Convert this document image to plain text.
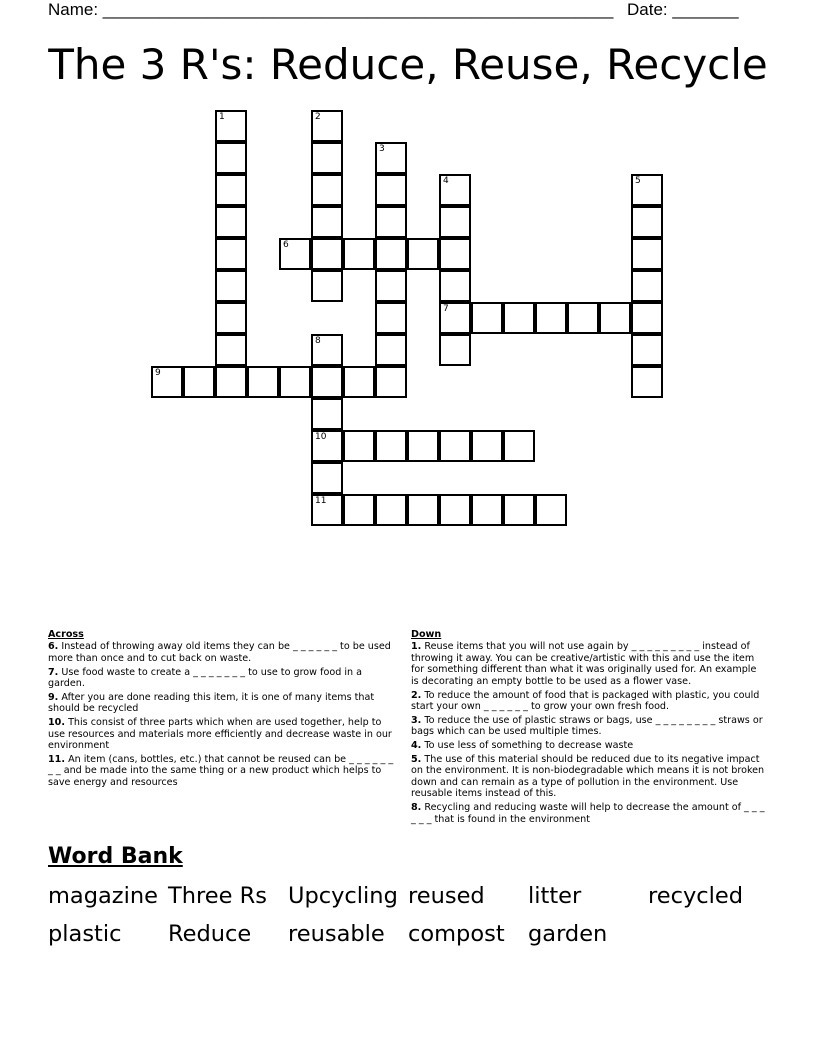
Name: ______________________________________________________ Date: _______
The 3 R's: Reduce, Reuse, Recycle
1	2
3
4
7
5
6
8
10
11
9
Across
6. Instead of throwing away old items they can be _ _ _ _ _ _ to be used more than once and to cut back on waste.
7. Use food waste to create a _ _ _ _ _ _ _ to use to grow food in a garden.
9. After you are done reading this item, it is one of many items that should be recycled
10. This consist of three parts which when are used together, help to use resources and materials more efficiently and decrease waste in our environment
11. An item (cans, bottles, etc.) that cannot be reused can be _ _ _ _ _ _ _ _ and be made into the same thing or a new product which helps to save energy and resources
Down
1. Reuse items that you will not use again by _ _ _ _ _ _ _ _ _ instead of throwing it away. You can be creative/artistic with this and use the item for something different than what it was originally used for. An example is decorating an empty bottle to be used as a flower vase.
2. To reduce the amount of food that is packaged with plastic, you could start your own _ _ _ _ _ _ to grow your own fresh food.
3. To reduce the use of plastic straws or bags, use _ _ _ _ _ _ _ _ straws or bags which can be used multiple times.
4. To use less of something to decrease waste
5. The use of this material should be reduced due to its negative impact on the environment. It is non-biodegradable which means it is not broken down and can remain as a type of pollution in the environment. Use reusable items instead of this.
8. Recycling and reducing waste will help to decrease the amount of _ _ _ _ _ _ that is found in the environment
Word Bank
magazine Three Rs Upcycling reused litter	recycled
plastic Reduce reusable compost garden
